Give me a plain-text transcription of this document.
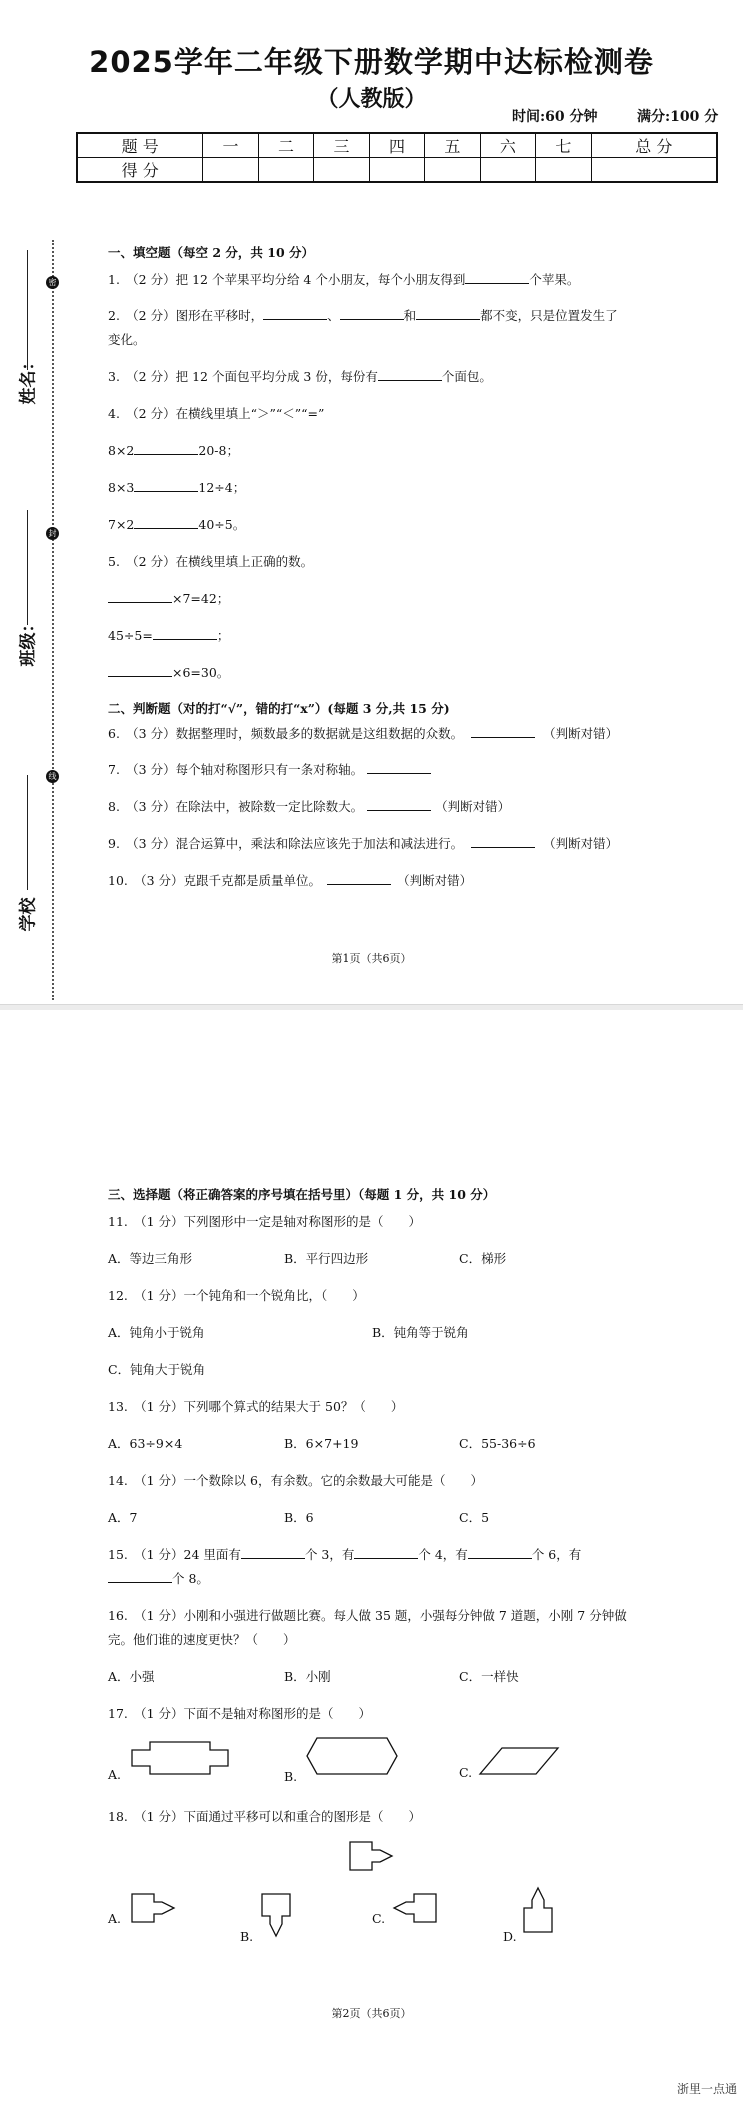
2025学年二年级下册数学期中达标检测卷
（人教版）
时间:60 分钟	满分:100 分
题 号	一	二	三	四	五	六	七	总 分
得 分								
姓名：
密
班级：
封
学校
线
一、填空题（每空 2 分，共 10 分）
1.　（2 分）把 12 个苹果平均分给 4 个小朋友，每个小朋友得到	个苹果。
2.　（2 分）图形在平移时，	、	和	都不变，只是位置发生了
变化。
3.　（2 分）把 12 个面包平均分成 3 份，每份有	个面包。
4.　（2 分）在横线里填上“＞”“＜”“=”
8×2	20-8；
8×3	12÷4；
7×2	40÷5。
5.　（2 分）在横线里填上正确的数。
×7=42；
45÷5=	；
×6=30。
二、判断题（对的打“√”，错的打“x”）(每题 3 分,共 15 分)
6.　（3 分）数据整理时，频数最多的数据就是这组数据的众数。	（判断对错）
7.　（3 分）每个轴对称图形只有一条对称轴。
8.　（3 分）在除法中，被除数一定比除数大。	（判断对错）
9.　（3 分）混合运算中，乘法和除法应该先于加法和减法进行。	（判断对错）
10.　（3 分）克跟千克都是质量单位。	（判断对错）
第1页（共6页）
三、选择题（将正确答案的序号填在括号里）（每题 1 分，共 10 分）
11.　（1 分）下列图形中一定是轴对称图形的是（　　）
A．等边三角形	B．平行四边形	C．梯形
12.　（1 分）一个钝角和一个锐角比，（　　）
A．钝角小于锐角	B．钝角等于锐角
C．钝角大于锐角
13.　（1 分）下列哪个算式的结果大于 50？（　　）
A．63÷9×4	B．6×7+19	C．55-36÷6
14.　（1 分）一个数除以 6，有余数。它的余数最大可能是（　　）
A．7	B．6	C．5
15.　（1 分）24 里面有	个 3，有	个 4，有	个 6，有
个 8。
16.　（1 分）小刚和小强进行做题比赛。每人做 35 题，小强每分钟做 7 道题，小刚 7 分钟做
完。他们谁的速度更快？（　　）
A．小强	B．小刚	C．一样快
17.　（1 分）下面不是轴对称图形的是（　　）
A.	B.	C.
18.　（1 分）下面通过平移可以和重合的图形是（　　）
A.
B.
C.
D.
第2页（共6页）
浙里一点通
